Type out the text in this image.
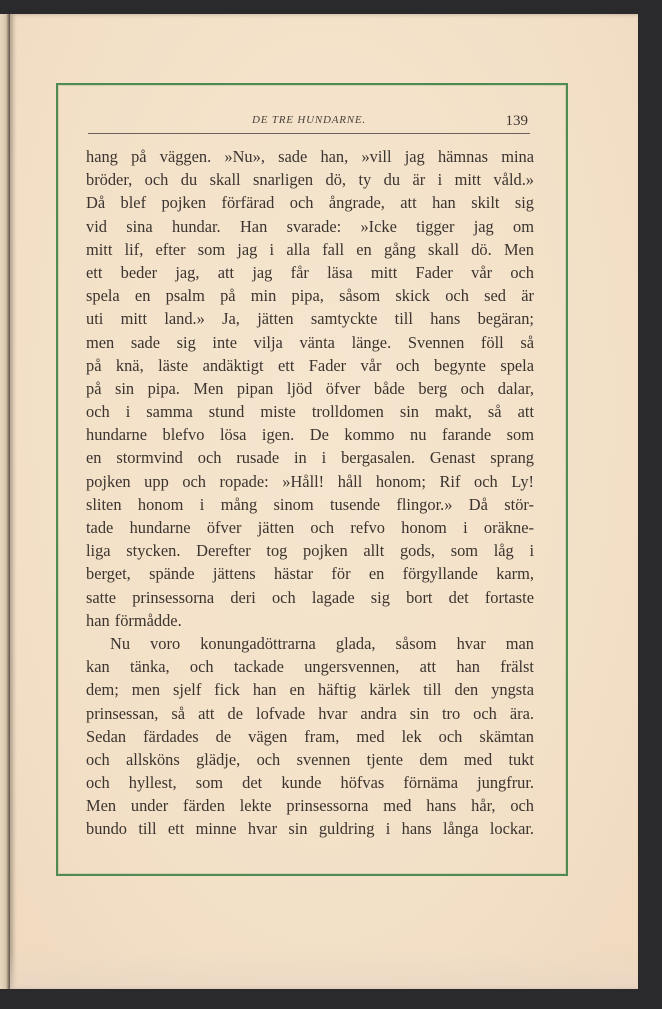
DE TRE HUNDARNE.	139
hang på väggen. »Nu», sade han, »vill jag hämnas mina
bröder, och du skall snarligen dö, ty du är i mitt våld.»
Då blef pojken förfärad och ångrade, att han skilt sig
vid sina hundar. Han svarade: »Icke tigger jag om
mitt lif, efter som jag i alla fall en gång skall dö. Men
ett beder jag, att jag får läsa mitt Fader vår och
spela en psalm på min pipa, såsom skick och sed är
uti mitt land.» Ja, jätten samtyckte till hans begäran;
men sade sig inte vilja vänta länge. Svennen föll så
på knä, läste andäktigt ett Fader vår och begynte spela
på sin pipa. Men pipan ljöd öfver både berg och dalar,
och i samma stund miste trolldomen sin makt, så att
hundarne blefvo lösa igen. De kommo nu farande som
en stormvind och rusade in i bergasalen. Genast sprang
pojken upp och ropade: »Håll! håll honom; Rif och Ly!
sliten honom i mång sinom tusende flingor.» Då stör-
tade hundarne öfver jätten och refvo honom i oräkne-
liga stycken. Derefter tog pojken allt gods, som låg i
berget, spände jättens hästar för en förgyllande karm,
satte prinsessorna deri och lagade sig bort det fortaste
han förmådde.
Nu voro konungadöttrarna glada, såsom hvar man
kan tänka, och tackade ungersvennen, att han frälst
dem; men sjelf fick han en häftig kärlek till den yngsta
prinsessan, så att de lofvade hvar andra sin tro och ära.
Sedan färdades de vägen fram, med lek och skämtan
och allsköns glädje, och svennen tjente dem med tukt
och hyllest, som det kunde höfvas förnäma jungfrur.
Men under färden lekte prinsessorna med hans hår, och
bundo till ett minne hvar sin guldring i hans långa lockar.
